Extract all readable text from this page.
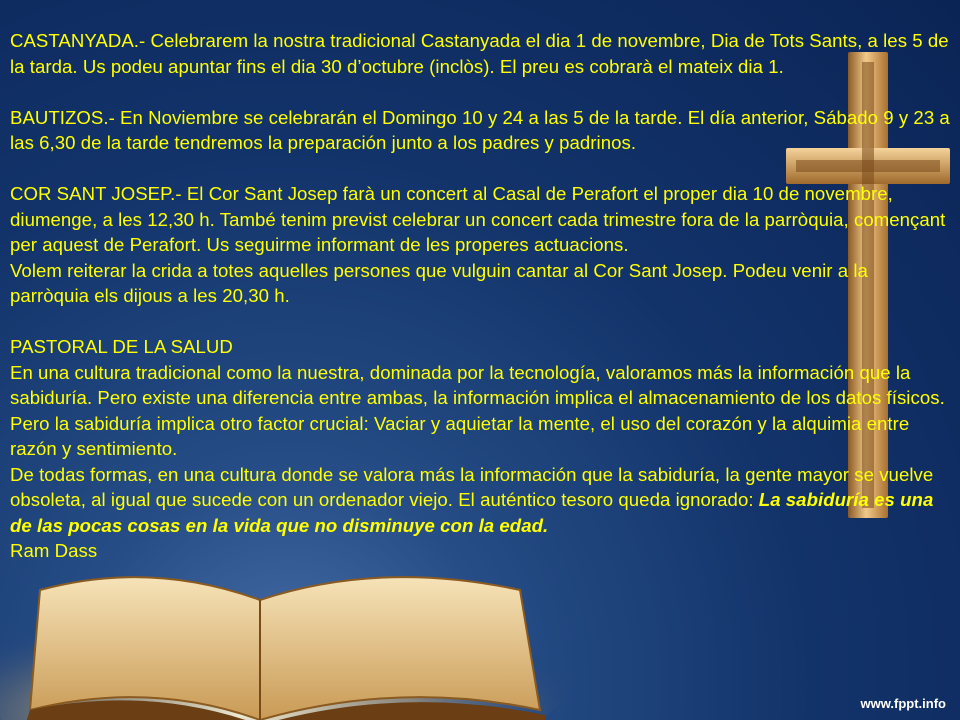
CASTANYADA.- Celebrarem la nostra tradicional Castanyada el dia 1 de novembre, Dia de Tots Sants, a les 5 de la tarda. Us podeu apuntar fins el dia 30 d’octubre (inclòs). El preu es cobrarà el mateix dia 1.

BAUTIZOS.- En Noviembre se celebrarán el Domingo 10 y 24 a las 5 de la tarde. El día anterior, Sábado 9 y 23 a las 6,30 de la tarde tendremos la preparación junto a los padres y padrinos.

COR SANT JOSEP.- El Cor Sant Josep farà un concert al Casal de Perafort el proper dia 10 de novembre, diumenge, a les 12,30 h. També tenim previst celebrar un concert cada trimestre fora de la parròquia, començant per aquest de Perafort. Us seguirme informant de les properes actuacions.

Volem reiterar la crida a totes aquelles persones que vulguin cantar al Cor Sant Josep. Podeu venir a la parròquia els dijous a les 20,30 h.

PASTORAL DE LA SALUD

En una cultura tradicional como la nuestra, dominada por la tecnología, valoramos más la información que la sabiduría. Pero existe una diferencia entre ambas, la información implica el almacenamiento de los datos físicos. Pero la sabiduría implica otro factor crucial: Vaciar y aquietar la mente, el uso del corazón y la alquimia entre razón y sentimiento.

De todas formas, en una cultura donde se valora más la información que la sabiduría, la gente mayor se vuelve obsoleta, al igual que sucede con un ordenador viejo. El auténtico tesoro queda ignorado: La sabiduría es una de las pocas cosas en la vida que no disminuye con la edad.

Ram Dass

www.fppt.info
